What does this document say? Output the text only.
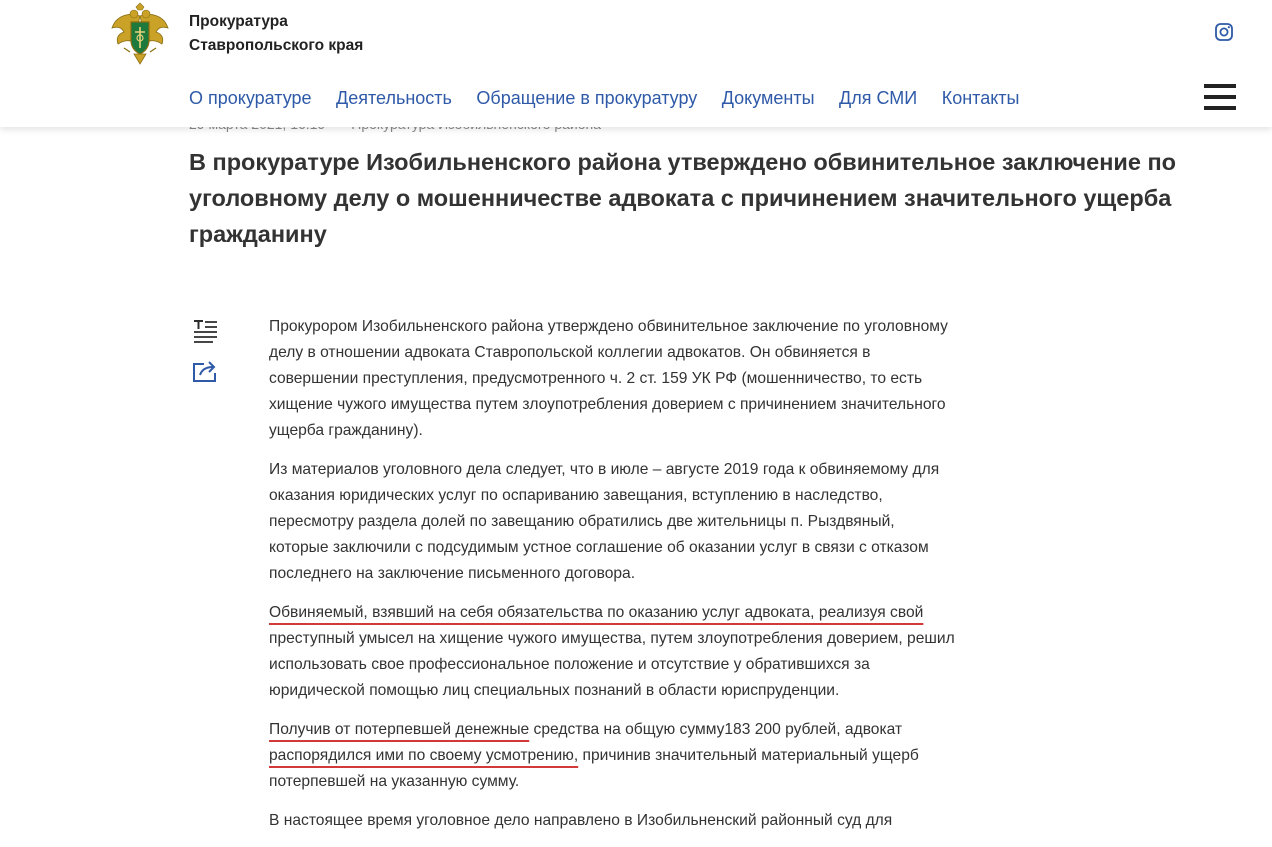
Прокуратура
Ставропольского края
О прокуратуре Деятельность Обращение в прокуратуру Документы Для СМИ Контакты
В прокуратуре Изобильненского района утверждено обвинительное заключение по уголовному делу о мошенничестве адвоката с причинением значительного ущерба гражданину

Прокурором Изобильненского района утверждено обвинительное заключение по уголовному
делу в отношении адвоката Ставропольской коллегии адвокатов. Он обвиняется в
совершении преступления, предусмотренного ч. 2 ст. 159 УК РФ (мошенничество, то есть
хищение чужого имущества путем злоупотребления доверием с причинением значительного
ущерба гражданину).

Из материалов уголовного дела следует, что в июле – августе 2019 года к обвиняемому для
оказания юридических услуг по оспариванию завещания, вступлению в наследство,
пересмотру раздела долей по завещанию обратились две жительницы п. Рыздвяный,
которые заключили с подсудимым устное соглашение об оказании услуг в связи с отказом
последнего на заключение письменного договора.

Обвиняемый, взявший на себя обязательства по оказанию услуг адвоката, реализуя свой
преступный умысел на хищение чужого имущества, путем злоупотребления доверием, решил
использовать свое профессиональное положение и отсутствие у обратившихся за
юридической помощью лиц специальных познаний в области юриспруденции.

Получив от потерпевшей денежные средства на общую сумму183 200 рублей, адвокат
распорядился ими по своему усмотрению, причинив значительный материальный ущерб
потерпевшей на указанную сумму.

В настоящее время уголовное дело направлено в Изобильненский районный суд для
